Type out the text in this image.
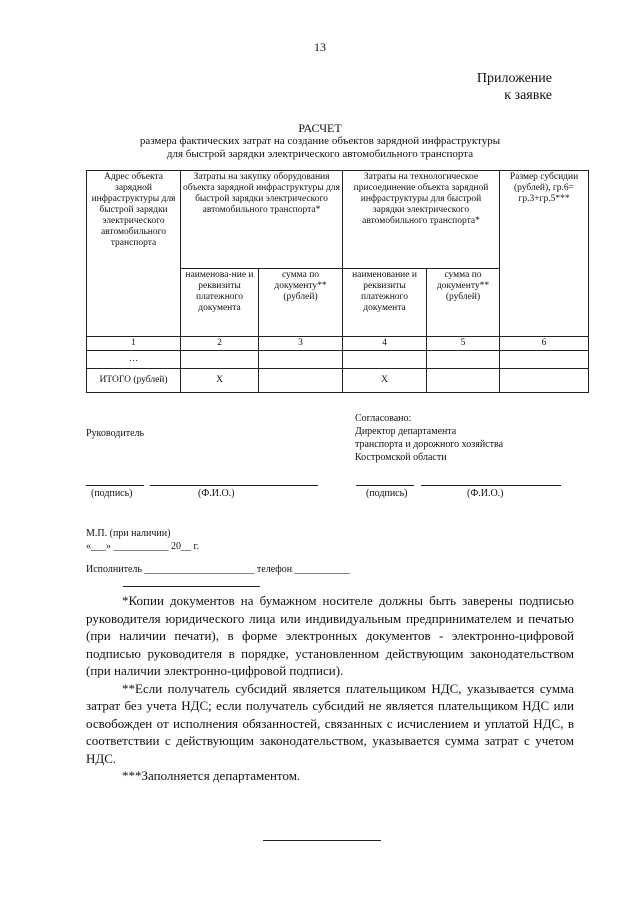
13
Приложение
к заявке
РАСЧЕТ
размера фактических затрат на создание объектов зарядной инфраструктуры
для быстрой зарядки электрического автомобильного транспорта
Адрес объекта зарядной инфраструктуры для быстрой зарядки электрического автомобильного транспорта	Затраты на закупку оборудования объекта зарядной инфраструктуры для быстрой зарядки электрического автомобильного транспорта*		Затраты на технологическое присоединение объекта зарядной инфраструктуры для быстрой зарядки электрического автомобильного транспорта*		Размер субсидии (рублей), гр.6= гр.3+гр.5***
	наименова-ние и реквизиты платежного документа	сумма по документу** (рублей)	наименование и реквизиты платежного документа	сумма по документу** (рублей)	
1	2	3	4	5	6
…					
ИТОГО (рублей)	Х		Х		
Согласовано:
Директор департамента
транспорта и дорожного хозяйства
Костромской области
Руководитель
(подпись)	(Ф.И.О.)	(подпись)	(Ф.И.О.)
М.П. (при наличии)
«___» ___________ 20__ г.
Исполнитель ______________________ телефон ___________

*Копии документов на бумажном носителе должны быть заверены подписью руководителя юридического лица или индивидуальным предпринимателем и печатью (при наличии печати), в форме электронных документов - электронно-цифровой подписью руководителя в порядке, установленном действующим законодательством (при наличии электронно-цифровой подписи).

**Если получатель субсидий является плательщиком НДС, указывается сумма затрат без учета НДС; если получатель субсидий не является плательщиком НДС или освобожден от исполнения обязанностей, связанных с исчислением и уплатой НДС, в соответствии с действующим законодательством, указывается сумма затрат с учетом НДС.

***Заполняется департаментом.
